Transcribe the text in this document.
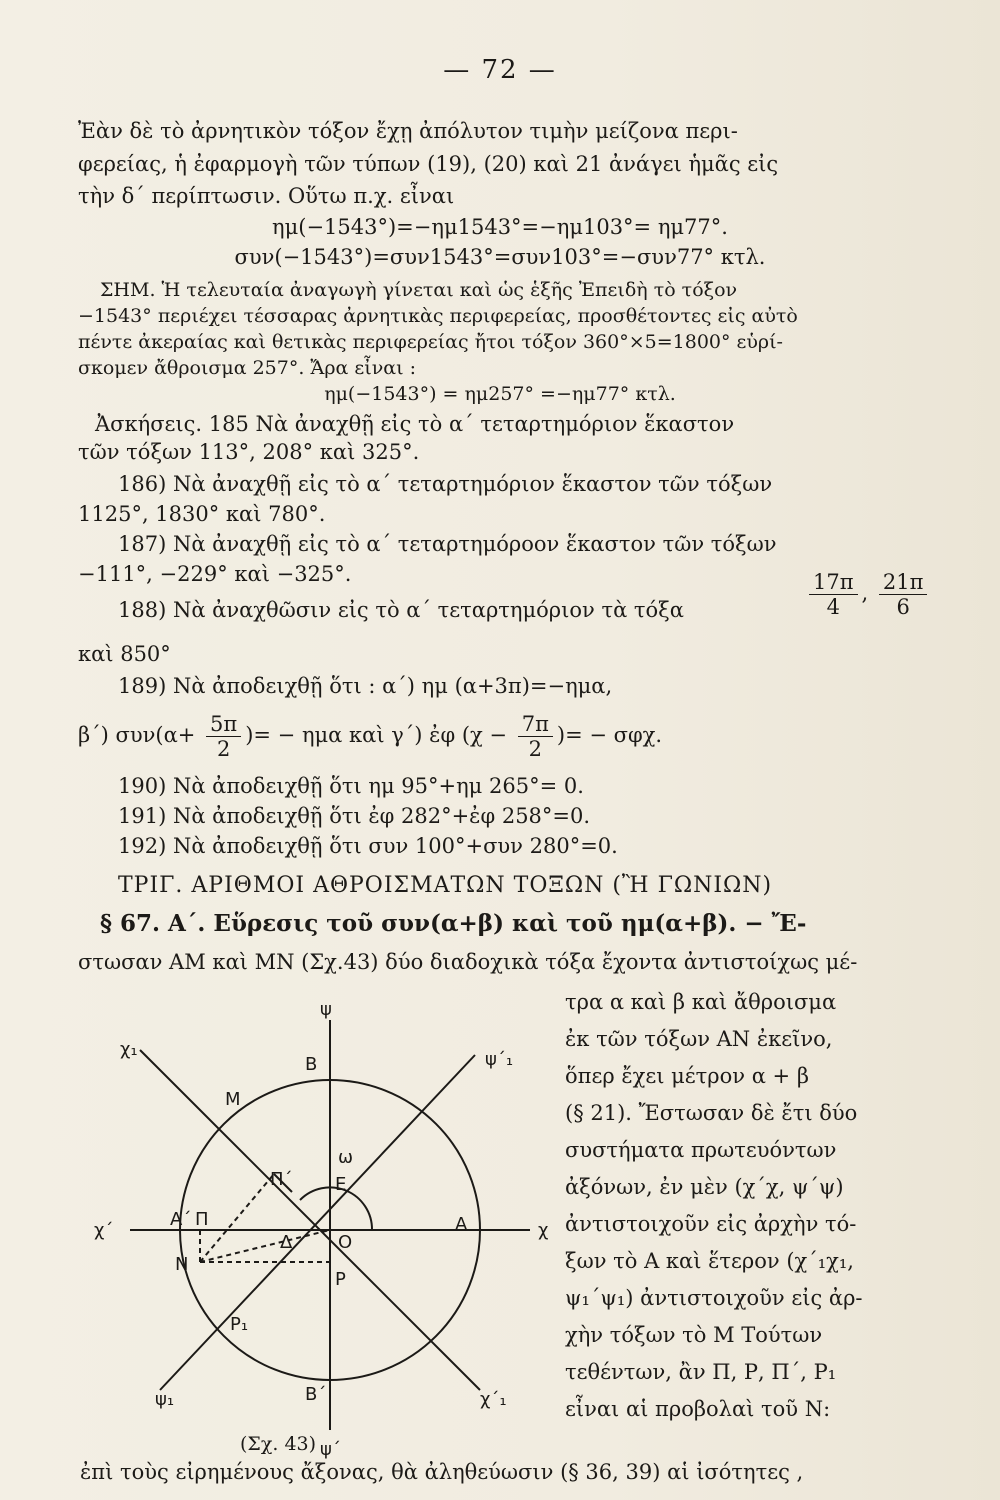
— 72 —
Ἐὰν δὲ τὸ ἀρνητικὸν τόξον ἔχῃ ἀπόλυτον τιμὴν μείζονα περι-
φερείας, ἡ ἐφαρμογὴ τῶν τύπων (19), (20) καὶ 21 ἀνάγει ἡμᾶς εἰς
τὴν δ΄ περίπτωσιν. Οὕτω π.χ. εἶναι
ημ(−1543°)=−ημ1543°=−ημ103°= ημ77°.
συν(−1543°)=συν1543°=συν103°=−συν77° κτλ.
ΣΗΜ. Ἡ τελευταία ἀναγωγὴ γίνεται καὶ ὡς ἑξῆς Ἐπειδὴ τὸ τόξον
−1543° περιέχει τέσσαρας ἀρνητικὰς περιφερείας, προσθέτοντες εἰς αὐτὸ
πέντε ἀκεραίας καὶ θετικὰς περιφερείας ἤτοι τόξον 360°×5=1800° εὑρί-
σκομεν ἄθροισμα 257°. Ἄρα εἶναι :
ημ(−1543°) = ημ257° =−ημ77° κτλ.
Ἀσκήσεις. 185 Νὰ ἀναχθῇ εἰς τὸ α΄ τεταρτημόριον ἕκαστον
τῶν τόξων 113°, 208° καὶ 325°.
186) Νὰ ἀναχθῇ εἰς τὸ α΄ τεταρτημόριον ἕκαστον τῶν τόξων
1125°, 1830° καὶ 780°.
187) Νὰ ἀναχθῇ εἰς τὸ α΄ τεταρτημόροον ἕκαστον τῶν τόξων
−111°, −229° καὶ −325°.
188) Νὰ ἀναχθῶσιν εἰς τὸ α΄ τεταρτημόριον τὰ τόξα	$\frac{17\pi}{4}$ , $\frac{21\pi}{6}$
καὶ 850°
189) Νὰ ἀποδειχθῇ ὅτι : α΄) ημ (α+3π)=−ημα,
β΄) $\sigma\upsilon\nu(\alpha+ \frac{5\pi}{2}$ )= − ημα καὶ γ΄) ἐφ ($\chi - \frac{7\pi}{2}$ )= − σφχ.
190) Νὰ ἀποδειχθῇ ὅτι ημ 95°+ημ 265°= 0.
191) Νὰ ἀποδειχθῇ ὅτι ἐφ 282°+ἐφ 258°=0.
192) Νὰ ἀποδειχθῇ ὅτι συν 100°+συν 280°=0.
ΤΡΙΓ. ΑΡΙΘΜΟΙ ΑΘΡΟΙΣΜΑΤΩΝ ΤΟΞΩΝ (Ἢ ΓΩΝΙΩΝ)
§ 67. Α΄. Εὕρεσις τοῦ συν(α+β) καὶ τοῦ ημ(α+β). − Ἔ-
στωσαν ΑΜ καὶ ΜΝ (Σχ.43) δύο διαδοχικὰ τόξα ἔχοντα ἀντιστοίχως μέ-
τρα α καὶ β καὶ ἄθροισμα
ἐκ τῶν τόξων ΑΝ ἐκεῖνο,
ὅπερ ἔχει μέτρον α + β
(§ 21). Ἔστωσαν δὲ ἔτι δύο
συστήματα πρωτευόντων
ἀξόνων, ἐν μὲν (χ΄χ, ψ΄ψ)
ἀντιστοιχοῦν εἰς ἀρχὴν τό-
ξων τὸ Α καὶ ἕτερον (χ΄₁χ₁,
ψ₁΄ψ₁) ἀντιστοιχοῦν εἰς ἀρ-
χὴν τόξων τὸ Μ Τούτων
τεθέντων, ἂν Π, Ρ, Π΄, Ρ₁
εἶναι αἱ προβολαὶ τοῦ Ν:
ψ
ψ΄
χ
χ΄
χ₁
χ΄₁
ψ΄₁
ψ₁
Β
Β΄
Μ
Α
Α΄ Π
Ν
Ρ
Ρ₁
Ο
Ε
Π΄
Δ
ω
(Σχ. 43)
ἐπὶ τοὺς εἰρημένους ἄξονας, θὰ ἀληθεύωσιν (§ 36, 39) αἱ ἰσότητες ,
